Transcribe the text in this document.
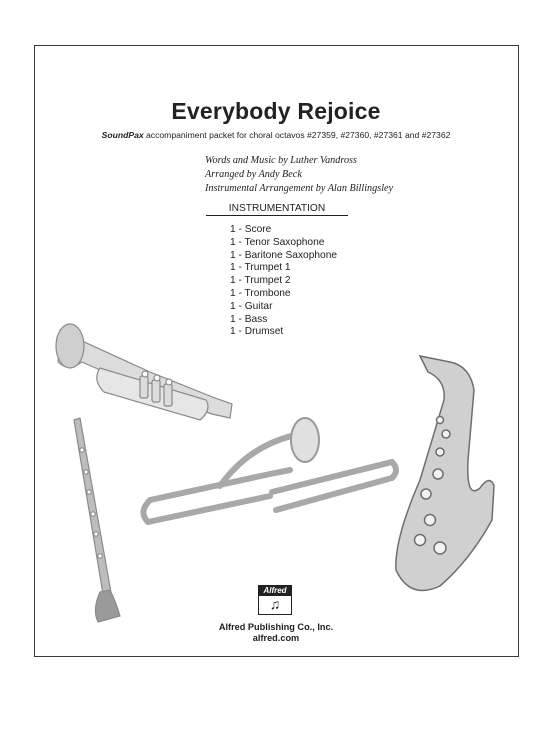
Everybody Rejoice
SoundPax accompaniment packet for choral octavos #27359, #27360, #27361 and #27362
Words and Music by Luther Vandross
Arranged by Andy Beck
Instrumental Arrangement by Alan Billingsley
INSTRUMENTATION
1 - Score
1 - Tenor Saxophone
1 - Baritone Saxophone
1 - Trumpet 1
1 - Trumpet 2
1 - Trombone
1 - Guitar
1 - Bass
1 - Drumset
Alfred
♫
Alfred Publishing Co., Inc.
alfred.com
